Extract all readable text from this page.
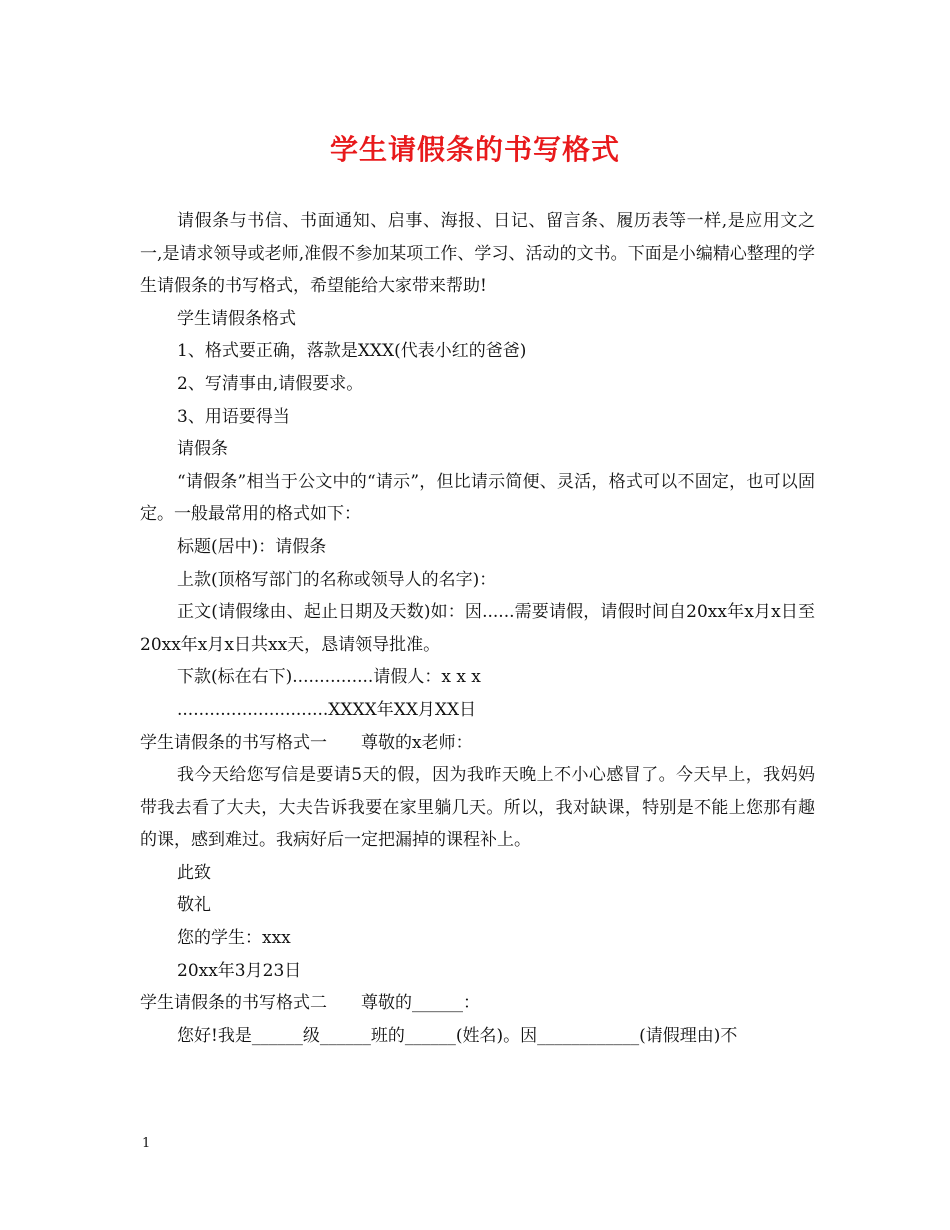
学生请假条的书写格式

请假条与书信、书面通知、启事、海报、日记、留言条、履历表等一样,是应用文之一,是请求领导或老师,准假不参加某项工作、学习、活动的文书。下面是小编精心整理的学生请假条的书写格式，希望能给大家带来帮助!

学生请假条格式

1、格式要正确，落款是XXX(代表小红的爸爸)

2、写清事由,请假要求。

3、用语要得当

请假条

“请假条”相当于公文中的“请示”，但比请示简便、灵活，格式可以不固定，也可以固定。一般最常用的格式如下：

标题(居中)：请假条

上款(顶格写部门的名称或领导人的名字)：

正文(请假缘由、起止日期及天数)如：因......需要请假，请假时间自20xx年x月x日至20xx年x月x日共xx天，恳请领导批准。

下款(标在右下)...............请假人：x x x

............................XXXX年XX月XX日

学生请假条的书写格式一 尊敬的x老师：

我今天给您写信是要请5天的假，因为我昨天晚上不小心感冒了。今天早上，我妈妈带我去看了大夫，大夫告诉我要在家里躺几天。所以，我对缺课，特别是不能上您那有趣的课，感到难过。我病好后一定把漏掉的课程补上。

此致

敬礼

您的学生：xxx

20xx年3月23日

学生请假条的书写格式二 尊敬的______：

您好!我是______级______班的______(姓名)。因____________(请假理由)不

1
